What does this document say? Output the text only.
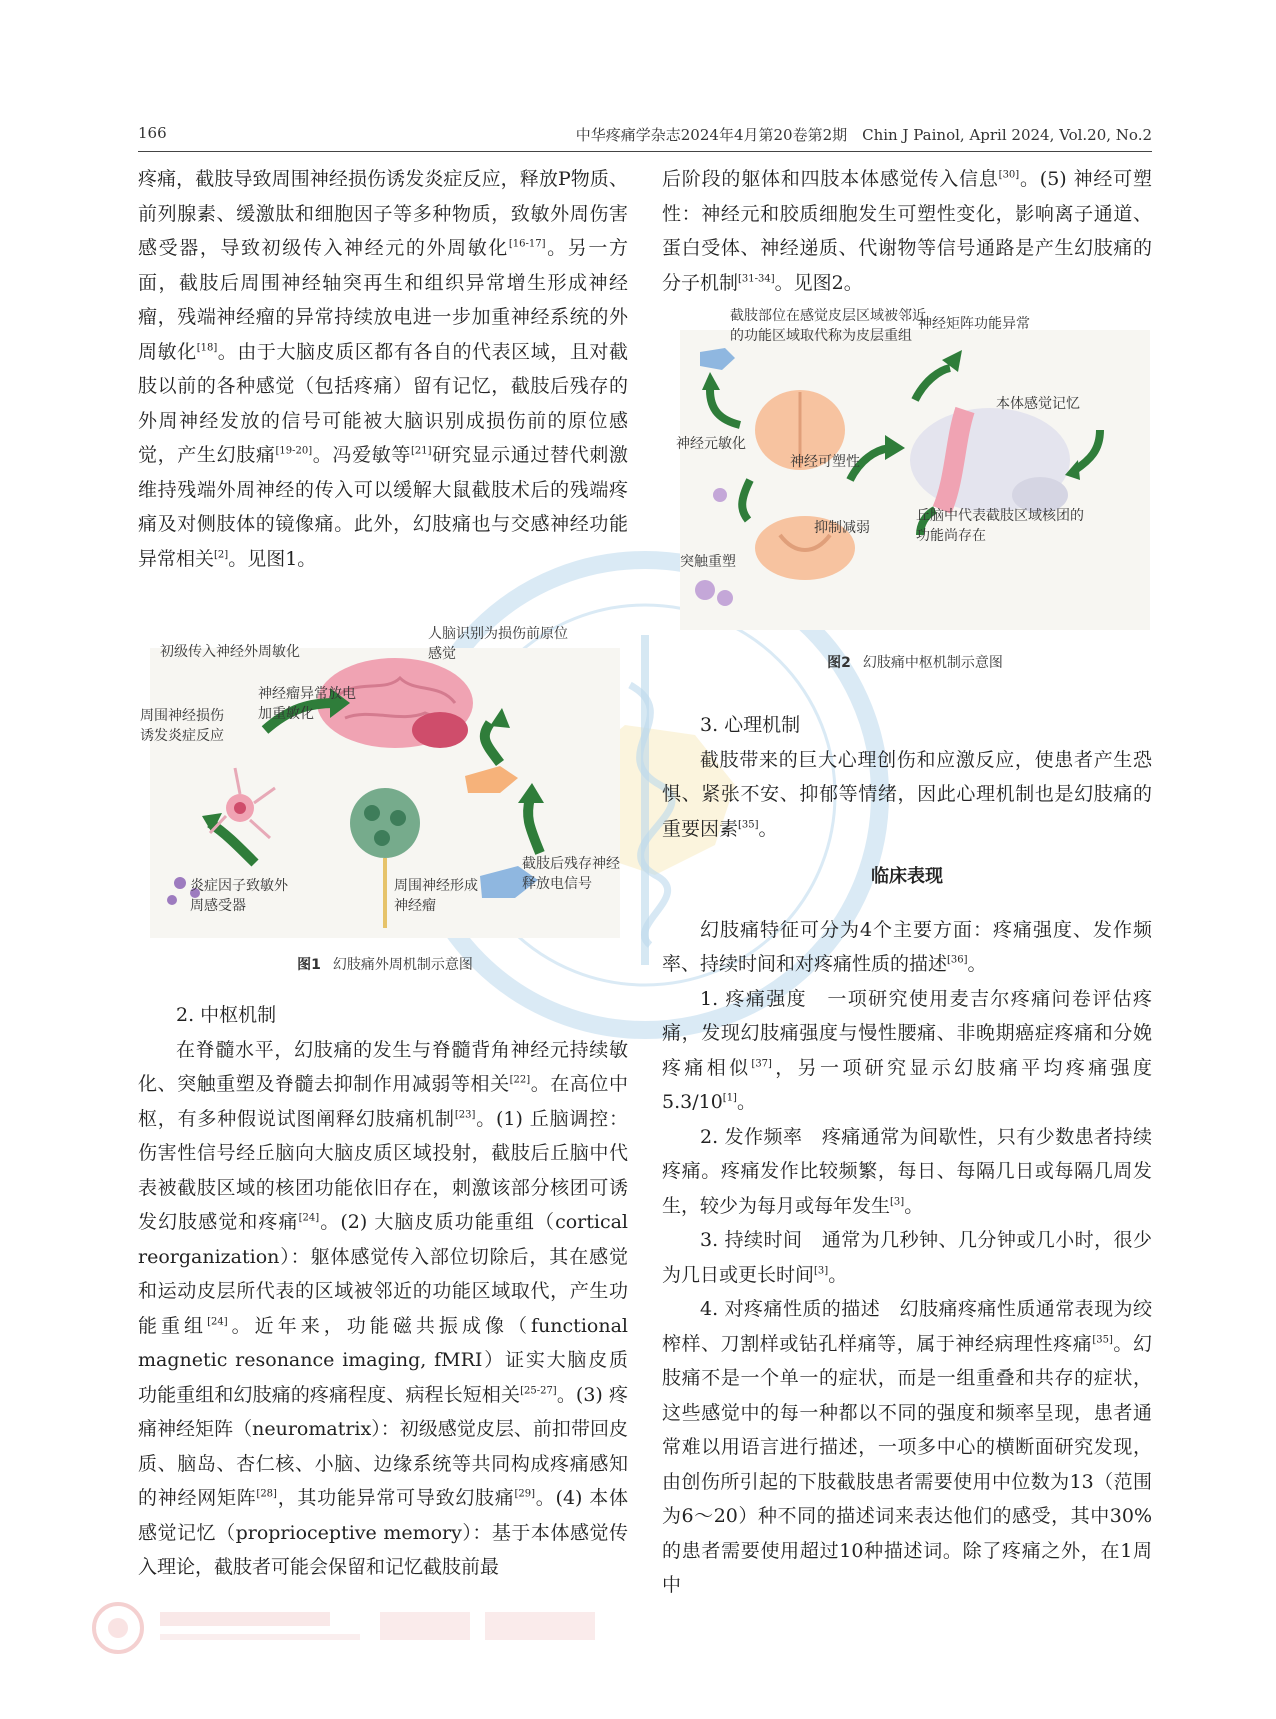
166	中华疼痛学杂志2024年4月第20卷第2期　Chin J Painol, April 2024, Vol.20, No.2

疼痛，截肢导致周围神经损伤诱发炎症反应，释放P物质、前列腺素、缓激肽和细胞因子等多种物质，致敏外周伤害感受器，导致初级传入神经元的外周敏化[16-17]。另一方面，截肢后周围神经轴突再生和组织异常增生形成神经瘤，残端神经瘤的异常持续放电进一步加重神经系统的外周敏化[18]。由于大脑皮质区都有各自的代表区域，且对截肢以前的各种感觉（包括疼痛）留有记忆，截肢后残存的外周神经发放的信号可能被大脑识别成损伤前的原位感觉，产生幻肢痛[19-20]。冯爱敏等[21]研究显示通过替代刺激维持残端外周神经的传入可以缓解大鼠截肢术后的残端疼痛及对侧肢体的镜像痛。此外，幻肢痛也与交感神经功能异常相关[2]。见图1。

初级传入神经外周敏化
人脑识别为损伤前原位感觉
神经瘤异常放电加重敏化
周围神经损伤诱发炎症反应
截肢后残存神经释放电信号
炎症因子致敏外周感受器
周围神经形成神经瘤
图1 幻肢痛外周机制示意图

2. 中枢机制

在脊髓水平，幻肢痛的发生与脊髓背角神经元持续敏化、突触重塑及脊髓去抑制作用减弱等相关[22]。在高位中枢，有多种假说试图阐释幻肢痛机制[23]。(1) 丘脑调控：伤害性信号经丘脑向大脑皮质区域投射，截肢后丘脑中代表被截肢区域的核团功能依旧存在，刺激该部分核团可诱发幻肢感觉和疼痛[24]。(2) 大脑皮质功能重组（cortical reorganization）：躯体感觉传入部位切除后，其在感觉和运动皮层所代表的区域被邻近的功能区域取代，产生功能重组[24]。近年来，功能磁共振成像（functional magnetic resonance imaging, fMRI）证实大脑皮质功能重组和幻肢痛的疼痛程度、病程长短相关[25-27]。(3) 疼痛神经矩阵（neuromatrix）：初级感觉皮层、前扣带回皮质、脑岛、杏仁核、小脑、边缘系统等共同构成疼痛感知的神经网矩阵[28]，其功能异常可导致幻肢痛[29]。(4) 本体感觉记忆（proprioceptive memory）：基于本体感觉传入理论，截肢者可能会保留和记忆截肢前最

后阶段的躯体和四肢本体感觉传入信息[30]。(5) 神经可塑性：神经元和胶质细胞发生可塑性变化，影响离子通道、蛋白受体、神经递质、代谢物等信号通路是产生幻肢痛的分子机制[31-34]。见图2。

截肢部位在感觉皮层区域被邻近的功能区域取代称为皮层重组
神经矩阵功能异常
本体感觉记忆
神经元敏化
神经可塑性
抑制减弱
丘脑中代表截肢区域核团的功能尚存在
突触重塑
图2 幻肢痛中枢机制示意图

3. 心理机制

截肢带来的巨大心理创伤和应激反应，使患者产生恐惧、紧张不安、抑郁等情绪，因此心理机制也是幻肢痛的重要因素[35]。

临床表现

幻肢痛特征可分为4个主要方面：疼痛强度、发作频率、持续时间和对疼痛性质的描述[36]。

1. 疼痛强度　一项研究使用麦吉尔疼痛问卷评估疼痛，发现幻肢痛强度与慢性腰痛、非晚期癌症疼痛和分娩疼痛相似[37]，另一项研究显示幻肢痛平均疼痛强度 5.3/10[1]。

2. 发作频率　疼痛通常为间歇性，只有少数患者持续疼痛。疼痛发作比较频繁，每日、每隔几日或每隔几周发生，较少为每月或每年发生[3]。

3. 持续时间　通常为几秒钟、几分钟或几小时，很少为几日或更长时间[3]。

4. 对疼痛性质的描述　幻肢痛疼痛性质通常表现为绞榨样、刀割样或钻孔样痛等，属于神经病理性疼痛[35]。幻肢痛不是一个单一的症状，而是一组重叠和共存的症状，这些感觉中的每一种都以不同的强度和频率呈现，患者通常难以用语言进行描述，一项多中心的横断面研究发现，由创伤所引起的下肢截肢患者需要使用中位数为13（范围为6～20）种不同的描述词来表达他们的感受，其中30%的患者需要使用超过10种描述词。除了疼痛之外，在1周中
